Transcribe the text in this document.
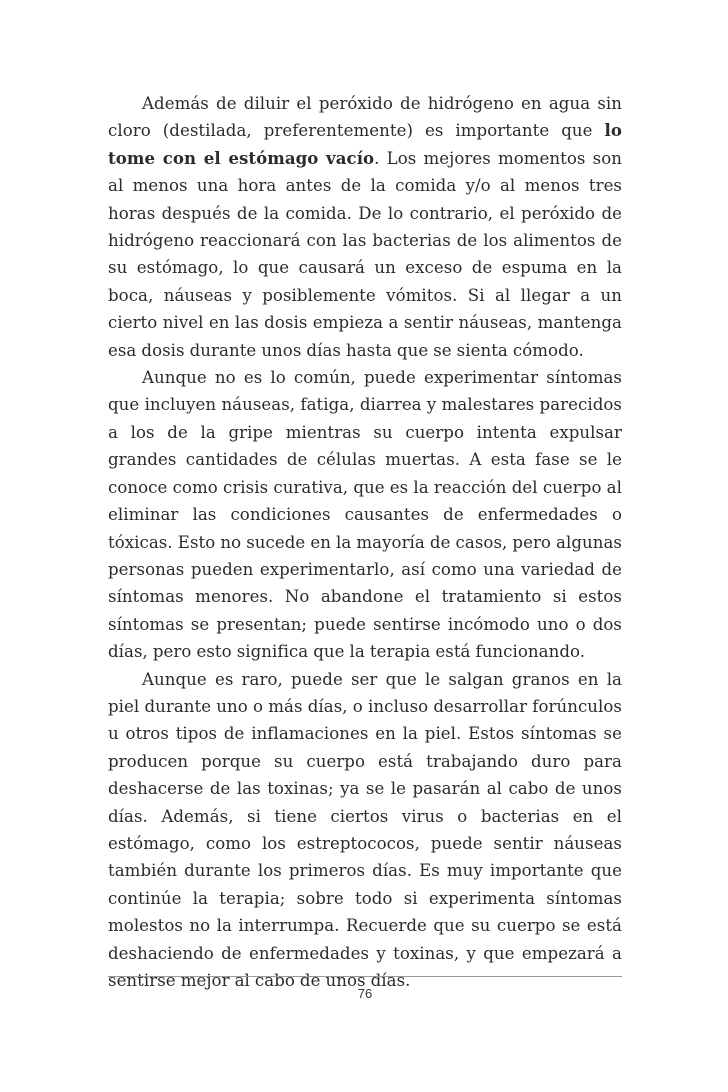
Además de diluir el peróxido de hidrógeno en agua sin cloro (destilada, preferentemente) es importante que lo tome con el estómago vacío. Los mejores momentos son al menos una hora antes de la comida y/o al menos tres horas después de la comida. De lo contrario, el peróxido de hidrógeno reaccionará con las bacterias de los alimentos de su estómago, lo que causará un exceso de espuma en la boca, náuseas y posiblemente vómitos. Si al llegar a un cierto nivel en las dosis empieza a sentir náuseas, mantenga esa dosis durante unos días hasta que se sienta cómodo.

Aunque no es lo común, puede experimentar síntomas que incluyen náuseas, fatiga, diarrea y malestares parecidos a los de la gripe mientras su cuerpo intenta expulsar grandes cantidades de células muertas. A esta fase se le conoce como crisis curativa, que es la reacción del cuerpo al eliminar las condiciones causantes de enfermedades o tóxicas. Esto no sucede en la mayoría de casos, pero algunas personas pueden experimentarlo, así como una variedad de síntomas menores. No abandone el tratamiento si estos síntomas se presentan; puede sentirse incómodo uno o dos días, pero esto significa que la terapia está funcionando.

Aunque es raro, puede ser que le salgan granos en la piel durante uno o más días, o incluso desarrollar forúnculos u otros tipos de inflamaciones en la piel. Estos síntomas se producen porque su cuerpo está trabajando duro para deshacerse de las toxinas; ya se le pasarán al cabo de unos días. Además, si tiene ciertos virus o bacterias en el estómago, como los estreptococos, puede sentir náuseas también durante los primeros días. Es muy importante que continúe la terapia; sobre todo si experimenta síntomas molestos no la interrumpa. Recuerde que su cuerpo se está deshaciendo de enfermedades y toxinas, y que empezará a sentirse mejor al cabo de unos días.

76
